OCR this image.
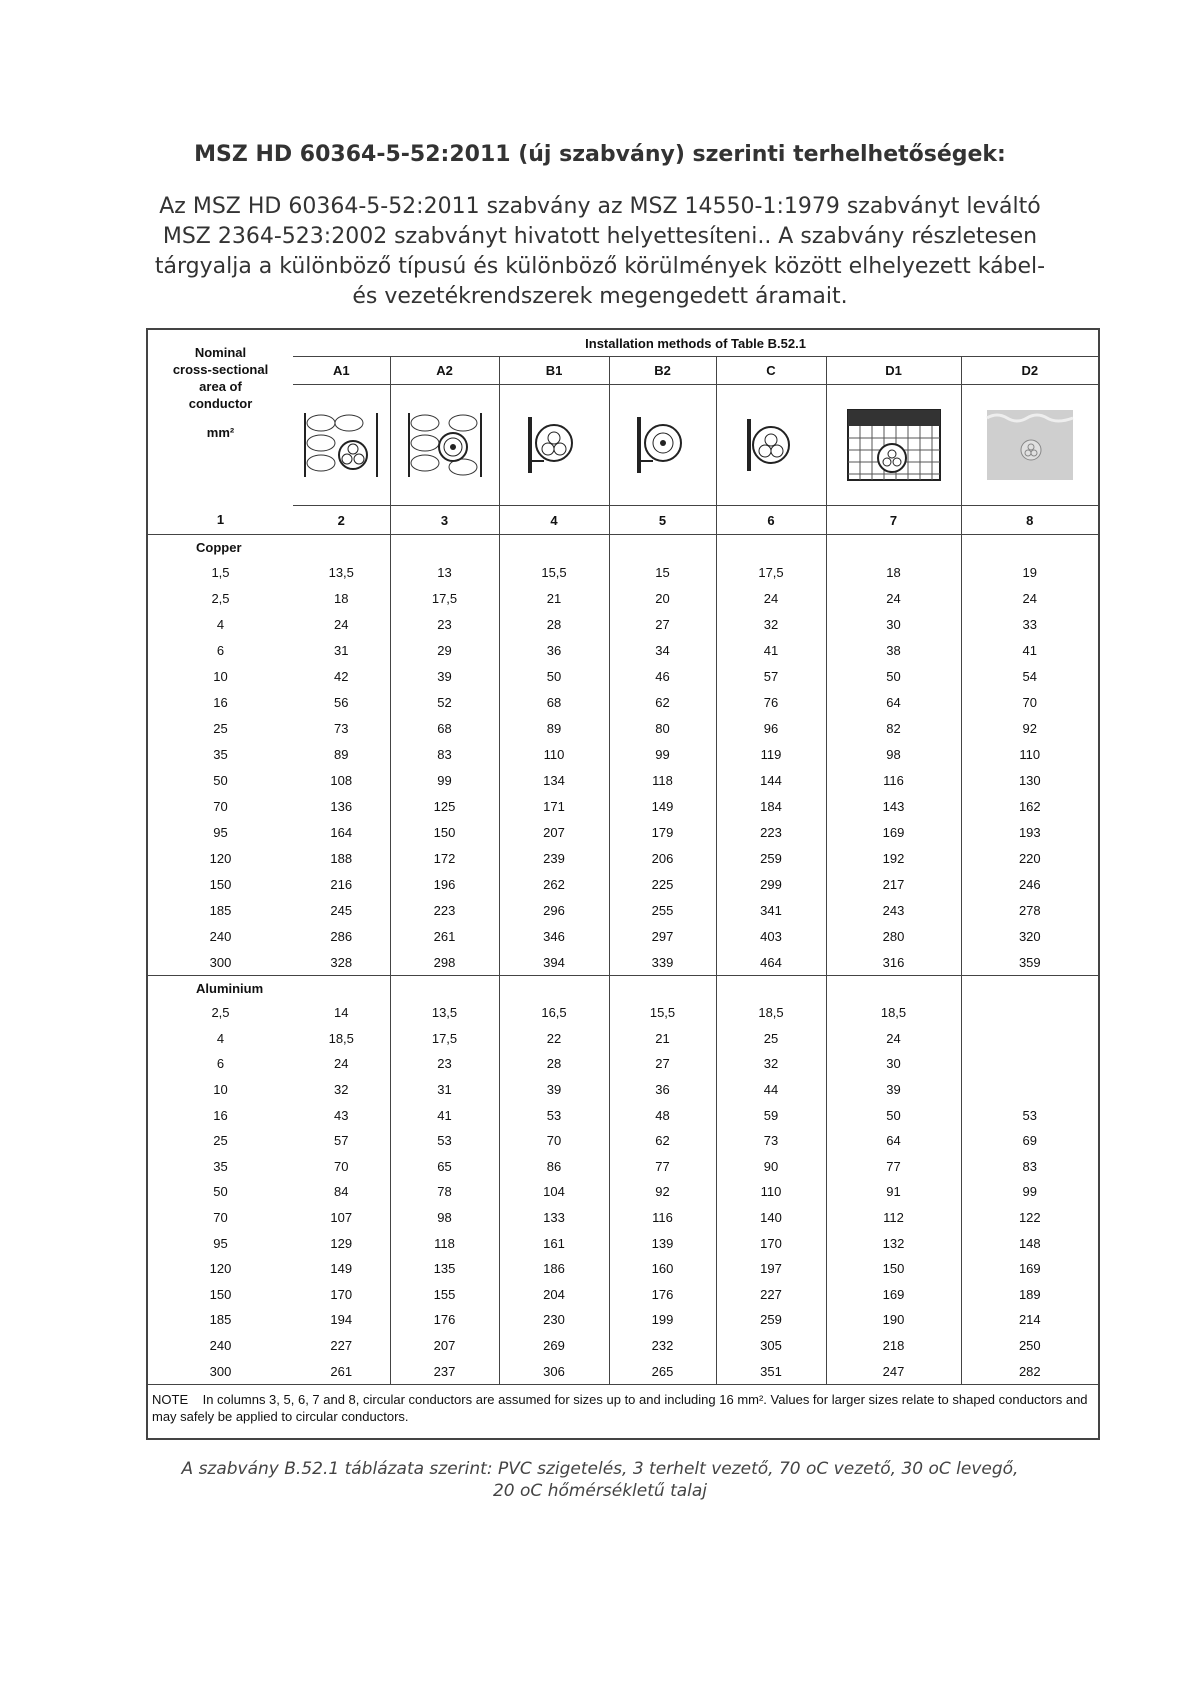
MSZ HD 60364-5-52:2011 (új szabvány) szerinti terhelhetőségek:
Az MSZ HD 60364-5-52:2011 szabvány az MSZ 14550-1:1979 szabványt leváltó MSZ 2364-523:2002 szabványt hivatott helyettesíteni.. A szabvány részletesen tárgyalja a különböző típusú és különböző körülmények között elhelyezett kábel- és vezetékrendszerek megengedett áramait.
Nominal
cross-sectional
area of
conductor
mm²	Installation methods of Table B.52.1						
	A1	A2	B1	B2	C	D1	D2

1	2	3	4	5	6	7	8
Copper							
1,5	13,5	13	15,5	15	17,5	18	19
2,5	18	17,5	21	20	24	24	24
4	24	23	28	27	32	30	33
6	31	29	36	34	41	38	41
10	42	39	50	46	57	50	54
16	56	52	68	62	76	64	70
25	73	68	89	80	96	82	92
35	89	83	110	99	119	98	110
50	108	99	134	118	144	116	130
70	136	125	171	149	184	143	162
95	164	150	207	179	223	169	193
120	188	172	239	206	259	192	220
150	216	196	262	225	299	217	246
185	245	223	296	255	341	243	278
240	286	261	346	297	403	280	320
300	328	298	394	339	464	316	359
Aluminium							
2,5	14	13,5	16,5	15,5	18,5	18,5	
4	18,5	17,5	22	21	25	24	
6	24	23	28	27	32	30	
10	32	31	39	36	44	39	
16	43	41	53	48	59	50	53
25	57	53	70	62	73	64	69
35	70	65	86	77	90	77	83
50	84	78	104	92	110	91	99
70	107	98	133	116	140	112	122
95	129	118	161	139	170	132	148
120	149	135	186	160	197	150	169
150	170	155	204	176	227	169	189
185	194	176	230	199	259	190	214
240	227	207	269	232	305	218	250
300	261	237	306	265	351	247	282
NOTE In columns 3, 5, 6, 7 and 8, circular conductors are assumed for sizes up to and including 16 mm². Values for larger sizes relate to shaped conductors and may safely be applied to circular conductors.							
A szabvány B.52.1 táblázata szerint: PVC szigetelés, 3 terhelt vezető, 70 oC vezető, 30 oC levegő,
20 oC hőmérsékletű talaj
